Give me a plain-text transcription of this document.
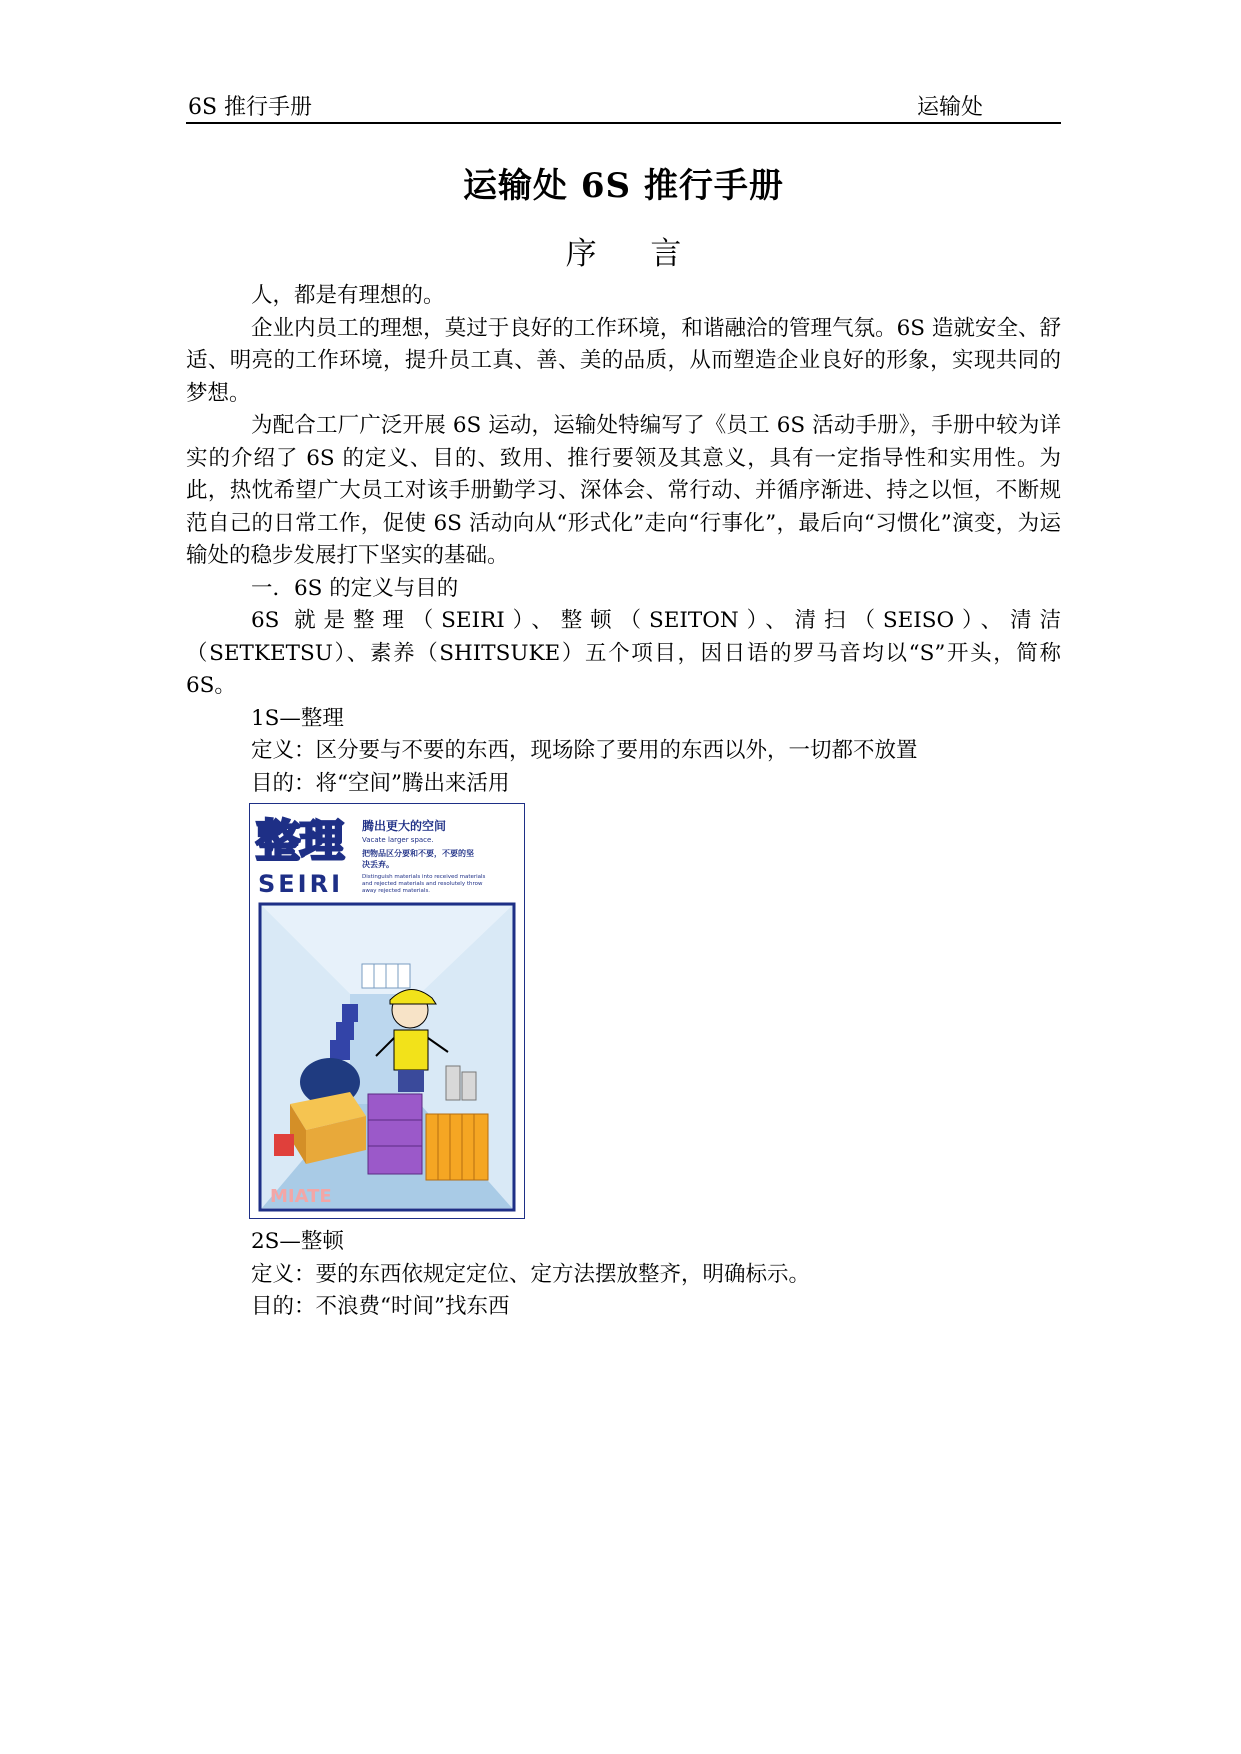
6S 推行手册	运输处
运输处 6S 推行手册
序 言

人，都是有理想的。

企业内员工的理想，莫过于良好的工作环境，和谐融洽的管理气氛。6S 造就安全、舒适、明亮的工作环境，提升员工真、善、美的品质，从而塑造企业良好的形象，实现共同的梦想。

为配合工厂广泛开展 6S 运动，运输处特编写了《员工 6S 活动手册》，手册中较为详实的介绍了 6S 的定义、目的、致用、推行要领及其意义，具有一定指导性和实用性。为此，热忱希望广大员工对该手册勤学习、深体会、常行动、并循序渐进、持之以恒，不断规范自己的日常工作，促使 6S 活动向从“形式化”走向“行事化”，最后向“习惯化”演变，为运输处的稳步发展打下坚实的基础。

一．6S 的定义与目的

6S 就是整理（SEIRI）、整顿（SEITON）、清扫（SEISO）、清洁（SETKETSU）、素养（SHITSUKE）五个项目，因日语的罗马音均以“S”开头，简称 6S。

1S—整理

定义：区分要与不要的东西，现场除了要用的东西以外，一切都不放置

目的：将“空间”腾出来活用

整理
SEIRI
腾出更大的空间
Vacate larger space.
把物品区分要和不要，不要的坚
决丢弃。
Distinguish materials into received materials
and rejected materials and resolutely throw
away rejected materials.
MIATE

2S—整顿

定义：要的东西依规定定位、定方法摆放整齐，明确标示。

目的：不浪费“时间”找东西
